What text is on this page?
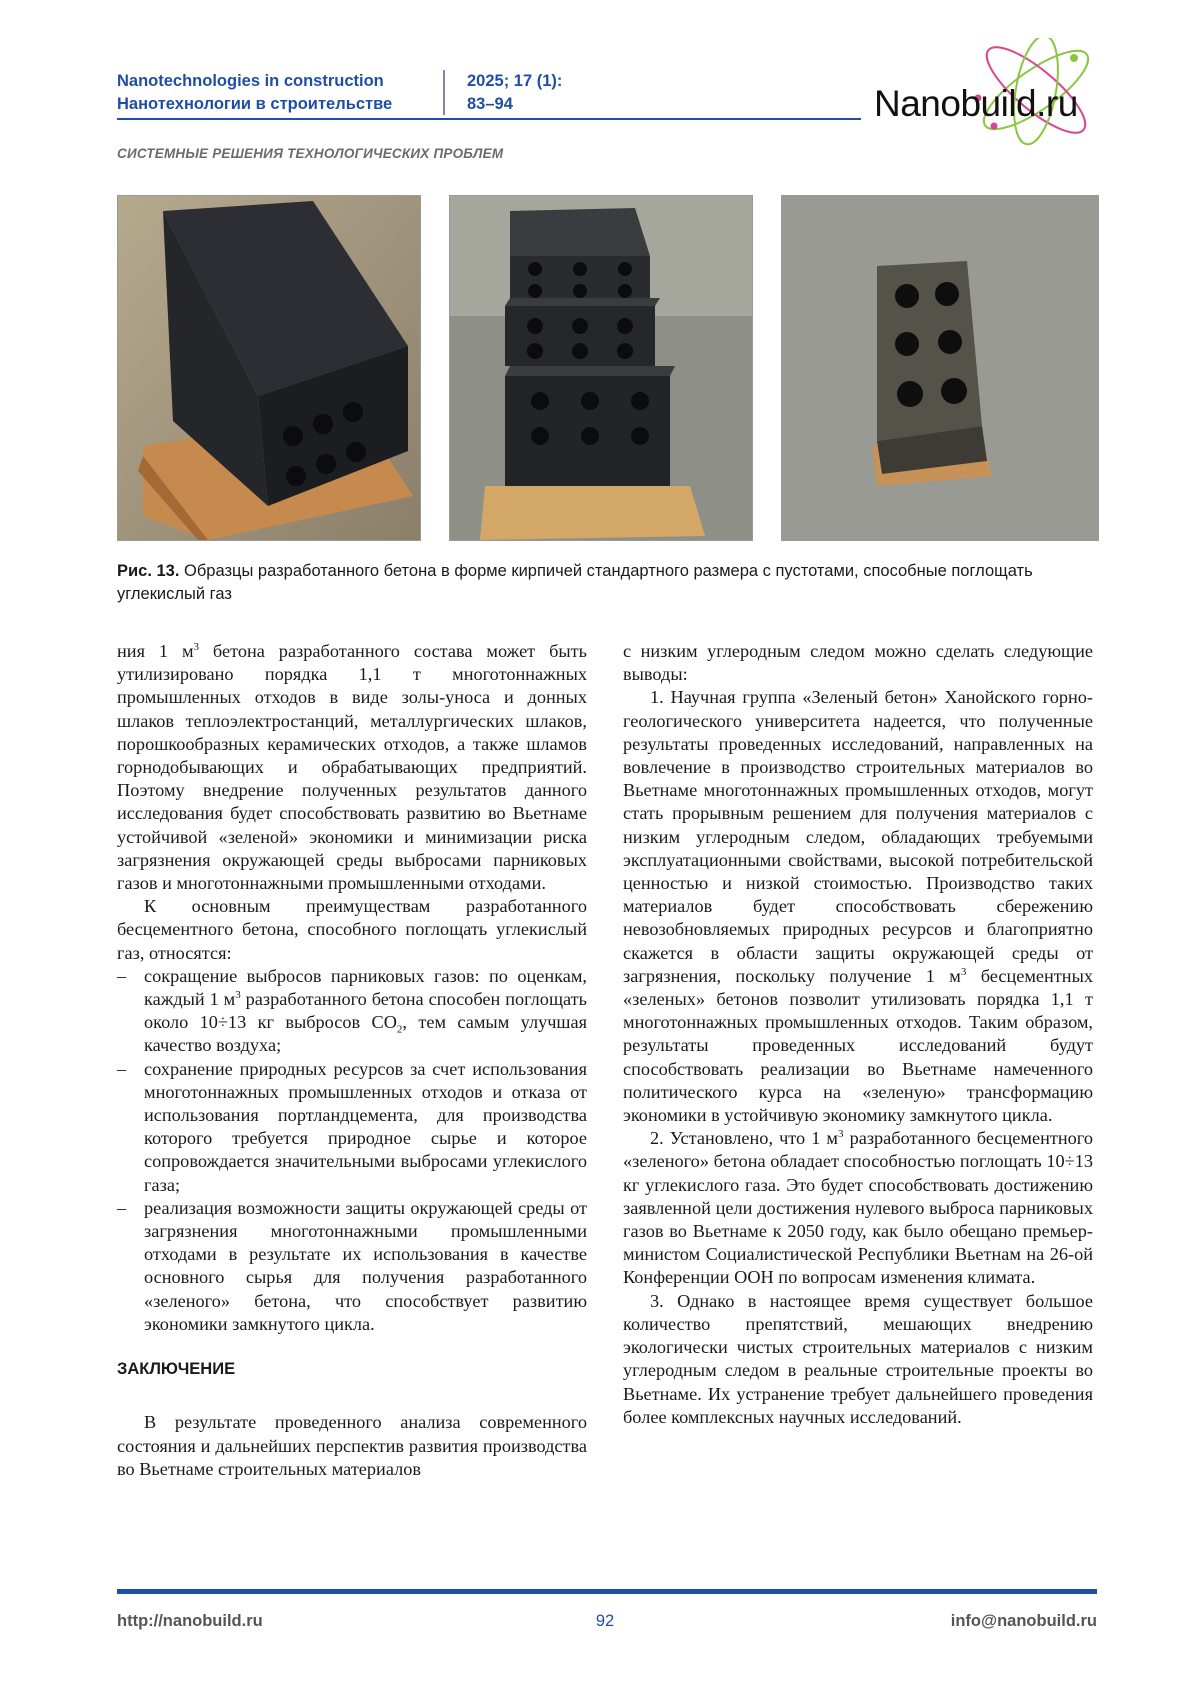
Nanotechnologies in construction
Нанотехнологии в строительстве
2025; 17 (1):
83–94	Nanobuild.ru
СИСТЕМНЫЕ РЕШЕНИЯ ТЕХНОЛОГИЧЕСКИХ ПРОБЛЕМ
Рис. 13. Образцы разработанного бетона в форме кирпичей стандартного размера с пустотами, способные поглощать углекислый газ

ния 1 $м^3$ бетона разработанного состава может быть утилизировано порядка 1,1 т многотоннажных промышленных отходов в виде золы-уноса и донных шлаков теплоэлектростанций, металлургических шлаков, порошкообразных керамических отходов, а также шламов горнодобывающих и обрабатывающих предприятий. Поэтому внедрение полученных результатов данного исследования будет способствовать развитию во Вьетнаме устойчивой «зеленой» экономики и минимизации риска загрязнения окружающей среды выбросами парниковых газов и многотоннажными промышленными отходами.

К основным преимуществам разработанного бесцементного бетона, способного поглощать углекислый газ, относятся:

– сокращение выбросов парниковых газов: по оценкам, каждый 1 $м^3$ разработанного бетона способен поглощать около 10÷13 кг выбросов $CO_2$, тем самым улучшая качество воздуха;

– сохранение природных ресурсов за счет использования многотоннажных промышленных отходов и отказа от использования портландцемента, для производства которого требуется природное сырье и которое сопровождается значительными выбросами углекислого газа;

– реализация возможности защиты окружающей среды от загрязнения многотоннажными промышленными отходами в результате их использования в качестве основного сырья для получения разработанного «зеленого» бетона, что способствует развитию экономики замкнутого цикла.

ЗАКЛЮЧЕНИЕ

В результате проведенного анализа современного состояния и дальнейших перспектив развития производства во Вьетнаме строительных материалов

с низким углеродным следом можно сделать следующие выводы:

1. Научная группа «Зеленый бетон» Ханойского горно-геологического университета надеется, что полученные результаты проведенных исследований, направленных на вовлечение в производство строительных материалов во Вьетнаме многотоннажных промышленных отходов, могут стать прорывным решением для получения материалов с низким углеродным следом, обладающих требуемыми эксплуатационными свойствами, высокой потребительской ценностью и низкой стоимостью. Производство таких материалов будет способствовать сбережению невозобновляемых природных ресурсов и благоприятно скажется в области защиты окружающей среды от загрязнения, поскольку получение 1 $м^3$ бесцементных «зеленых» бетонов позволит утилизовать порядка 1,1 т многотоннажных промышленных отходов. Таким образом, результаты проведенных исследований будут способствовать реализации во Вьетнаме намеченного политического курса на «зеленую» трансформацию экономики в устойчивую экономику замкнутого цикла.

2. Установлено, что 1 $м^3$ разработанного бесцементного «зеленого» бетона обладает способностью поглощать 10÷13 кг углекислого газа. Это будет способствовать достижению заявленной цели достижения нулевого выброса парниковых газов во Вьетнаме к 2050 году, как было обещано премьер-министом Социалистической Республики Вьетнам на 26-ой Конференции ООН по вопросам изменения климата.

3. Однако в настоящее время существует большое количество препятствий, мешающих внедрению экологически чистых строительных материалов с низким углеродным следом в реальные строительные проекты во Вьетнаме. Их устранение требует дальнейшего проведения более комплексных научных исследований.

http://nanobuild.ru	92	info@nanobuild.ru
